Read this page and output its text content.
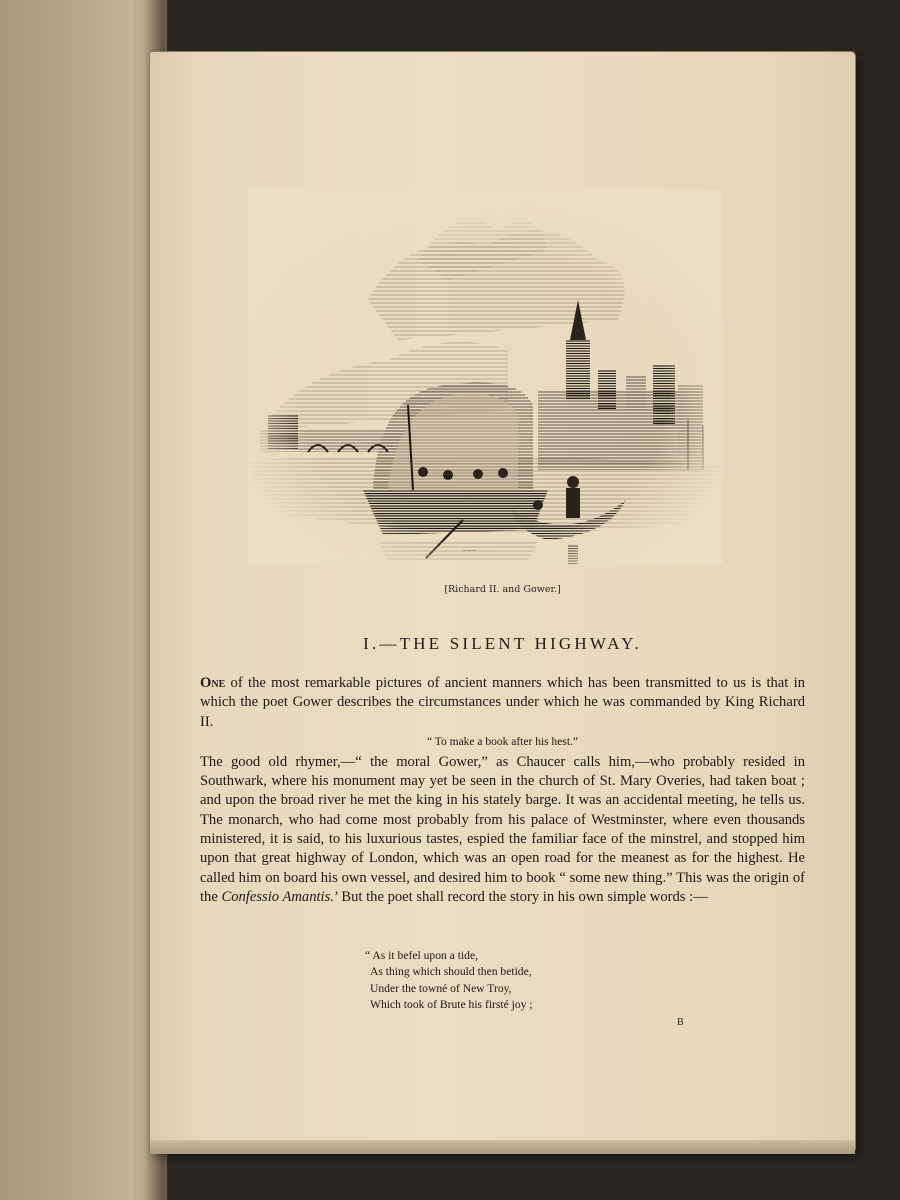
~ ~ ~
[Richard II. and Gower.]
I.—THE SILENT HIGHWAY.

One of the most remarkable pictures of ancient manners which has been transmitted to us is that in which the poet Gower describes the circumstances under which he was commanded by King Richard II.

“ To make a book after his hest.”

The good old rhymer,—“ the moral Gower,” as Chaucer calls him,—who probably resided in Southwark, where his monument may yet be seen in the church of St. Mary Overies, had taken boat ; and upon the broad river he met the king in his stately barge. It was an accidental meeting, he tells us. The monarch, who had come most probably from his palace of Westminster, where even thousands ministered, it is said, to his luxurious tastes, espied the familiar face of the minstrel, and stopped him upon that great highway of London, which was an open road for the meanest as for the highest. He called him on board his own vessel, and desired him to book “ some new thing.” This was the origin of the Confessio Amantis.’ But the poet shall record the story in his own simple words :—

“ As it befel upon a tide,
As thing which should then betide,
Under the towné of New Troy,
Which took of Brute his firsté joy ;
B
